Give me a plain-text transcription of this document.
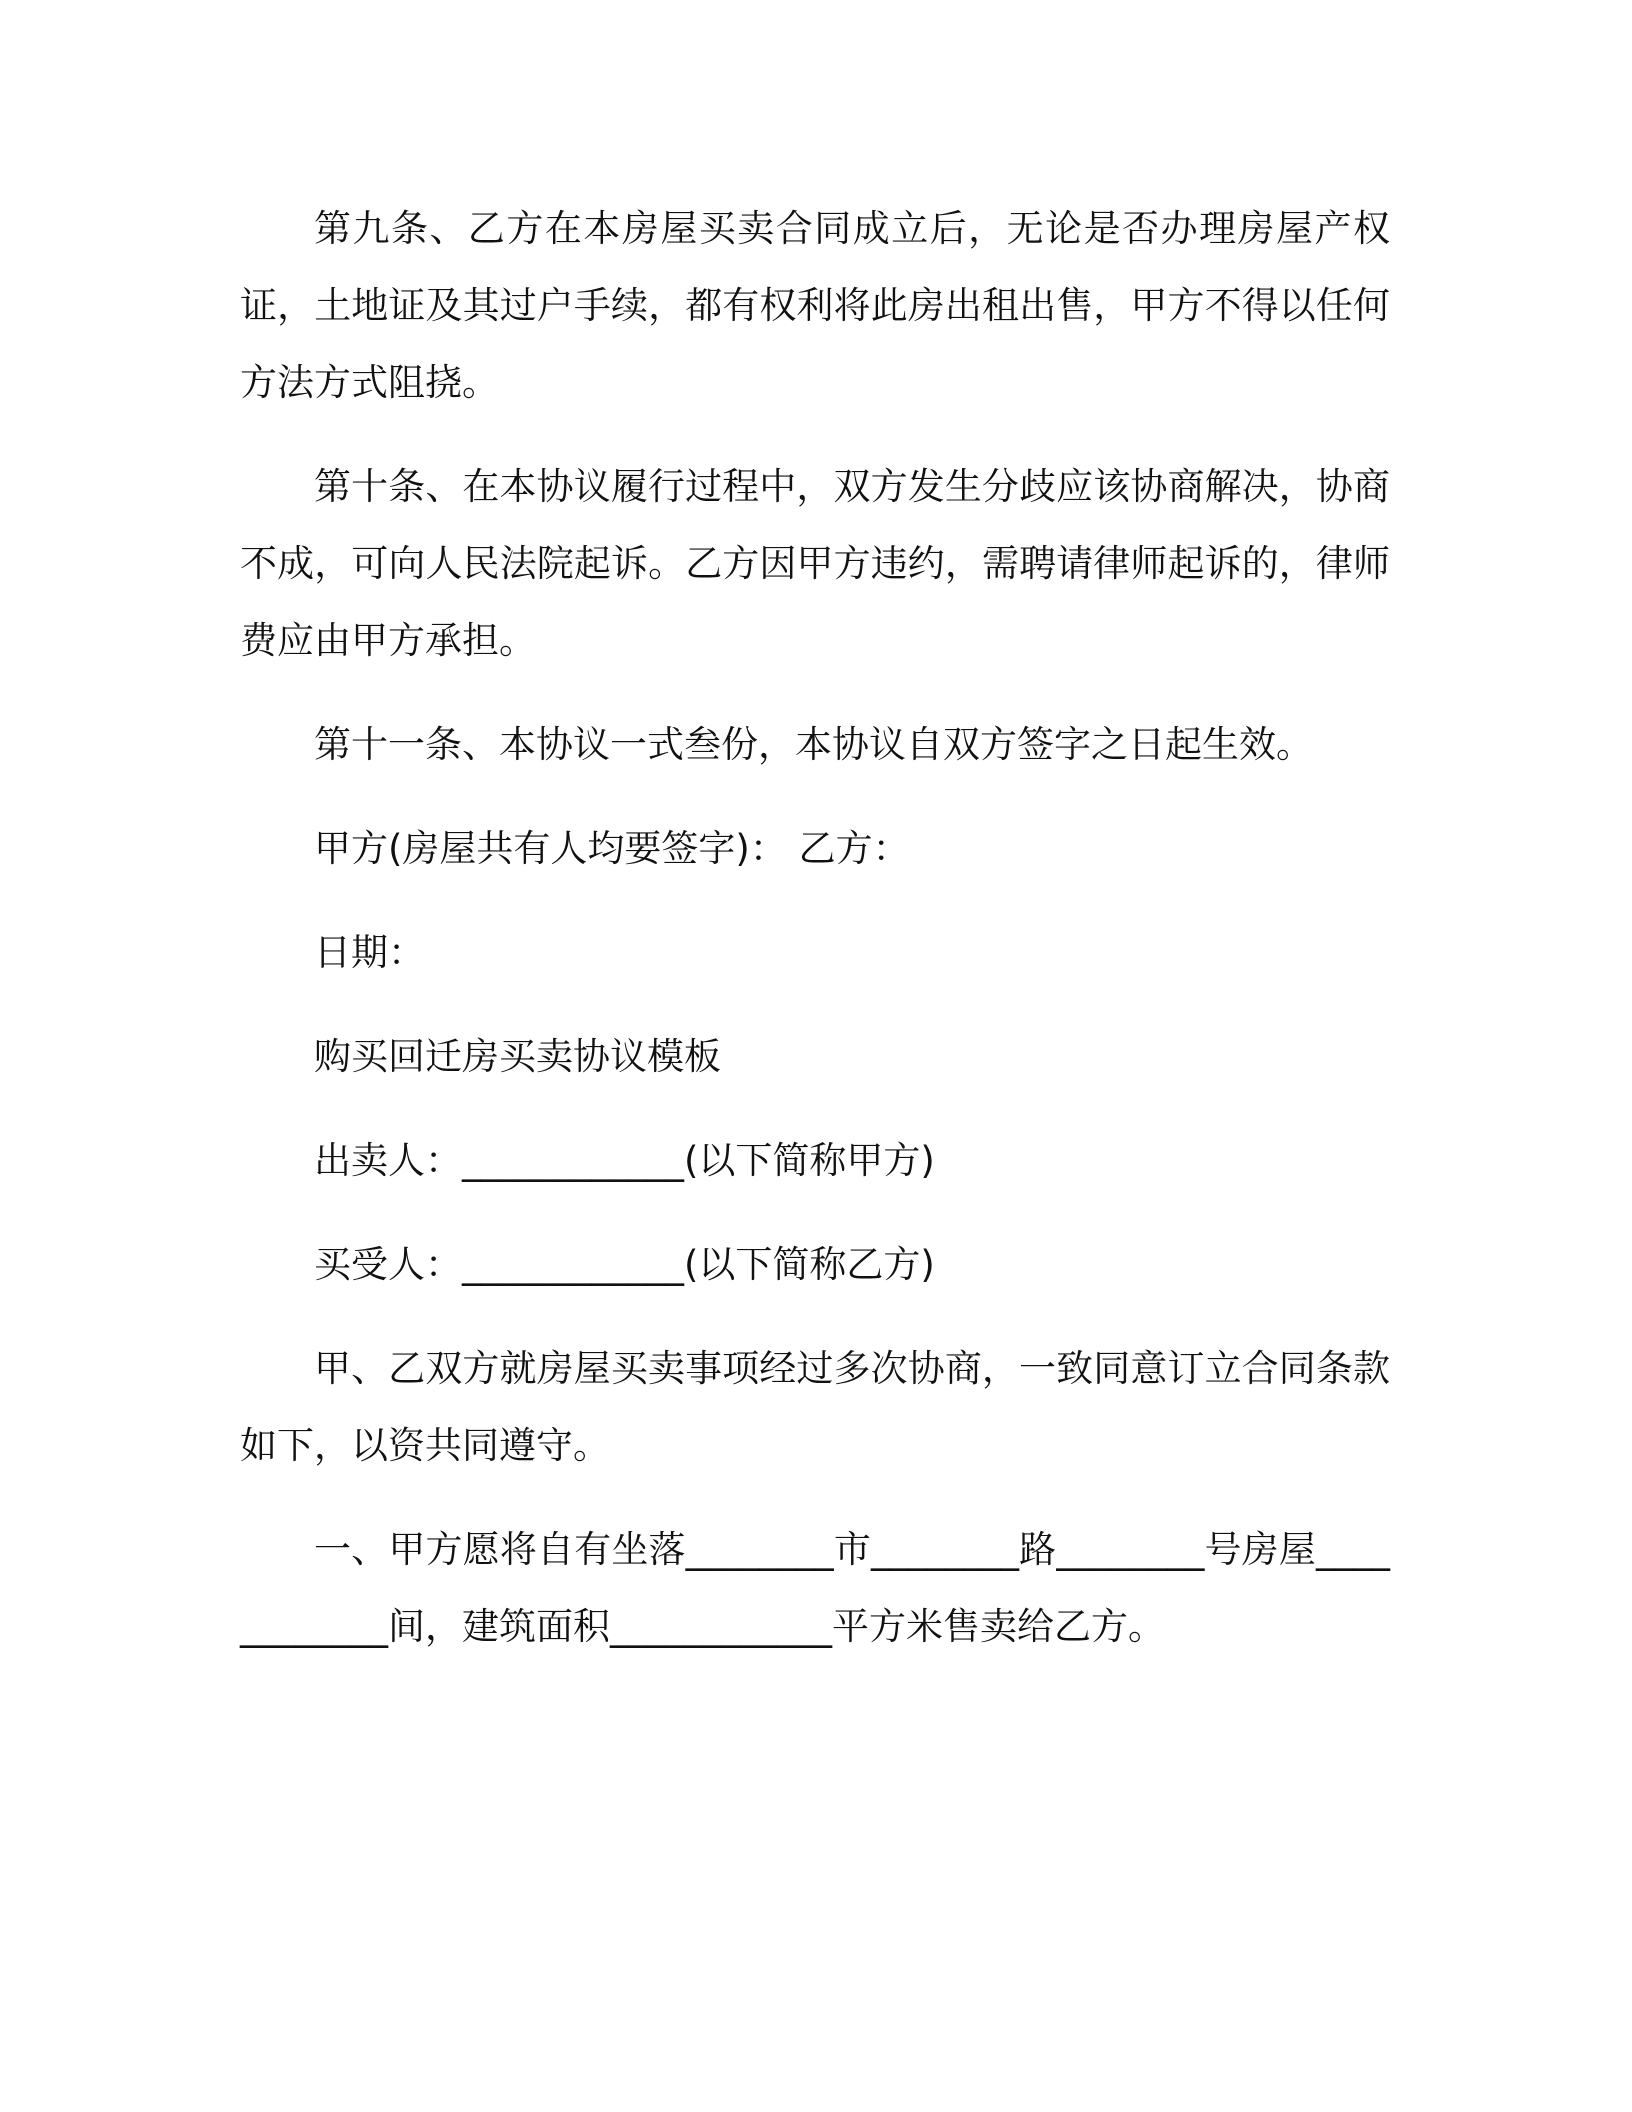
第九条、乙方在本房屋买卖合同成立后，无论是否办理房屋产权证，土地证及其过户手续，都有权利将此房出租出售，甲方不得以任何方法方式阻挠。

第十条、在本协议履行过程中，双方发生分歧应该协商解决，协商不成，可向人民法院起诉。乙方因甲方违约，需聘请律师起诉的，律师费应由甲方承担。

第十一条、本协议一式叁份，本协议自双方签字之日起生效。

甲方(房屋共有人均要签字)： 乙方：

日期：

购买回迁房买卖协议模板

出卖人：____________(以下简称甲方)

买受人：____________(以下简称乙方)

甲、乙双方就房屋买卖事项经过多次协商，一致同意订立合同条款如下，以资共同遵守。

一、甲方愿将自有坐落________市________路________号房屋____________间，建筑面积____________平方米售卖给乙方。
